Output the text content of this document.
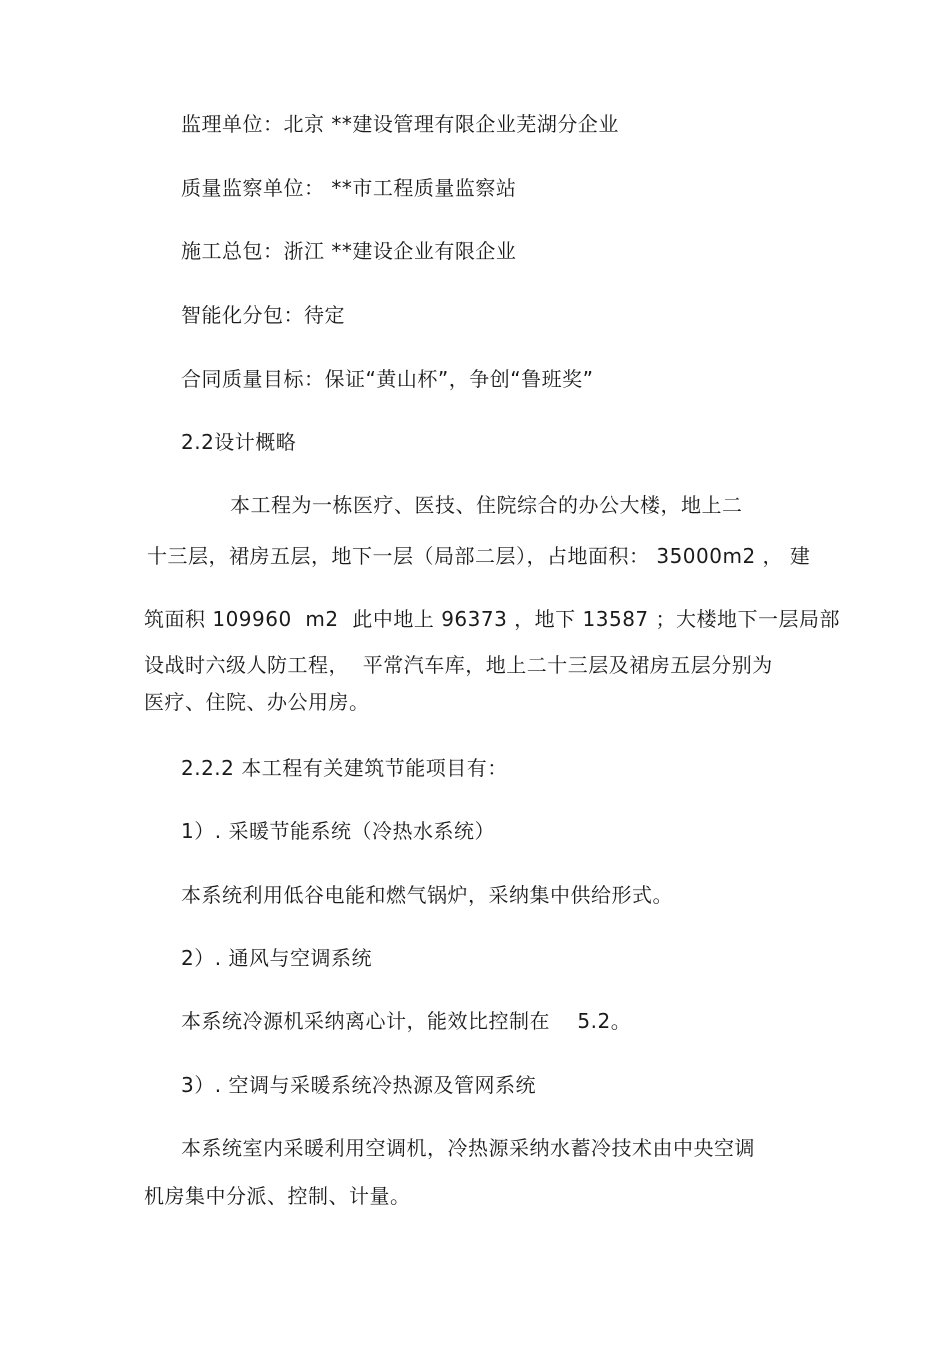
监理单位：北京 **建设管理有限企业芜湖分企业
质量监察单位： **市工程质量监察站
施工总包：浙江 **建设企业有限企业
智能化分包：待定
合同质量目标：保证“黄山杯”，争创“鲁班奖”
2.2设计概略
本工程为一栋医疗、医技、住院综合的办公大楼，地上二
十三层，裙房五层，地下一层（局部二层），占地面积： 35000m2 ， 建
筑面积 109960  m2  此中地上 96373 ，地下 13587 ；大楼地下一层局部
设战时六级人防工程，  平常汽车库，地上二十三层及裙房五层分别为
医疗、住院、办公用房。
2.2.2 本工程有关建筑节能项目有：
1）. 采暖节能系统（冷热水系统）
本系统利用低谷电能和燃气锅炉，采纳集中供给形式。
2）. 通风与空调系统
本系统冷源机采纳离心计，能效比控制在    5.2。
3）. 空调与采暖系统冷热源及管网系统
本系统室内采暖利用空调机，冷热源采纳水蓄冷技术由中央空调
机房集中分派、控制、计量。
